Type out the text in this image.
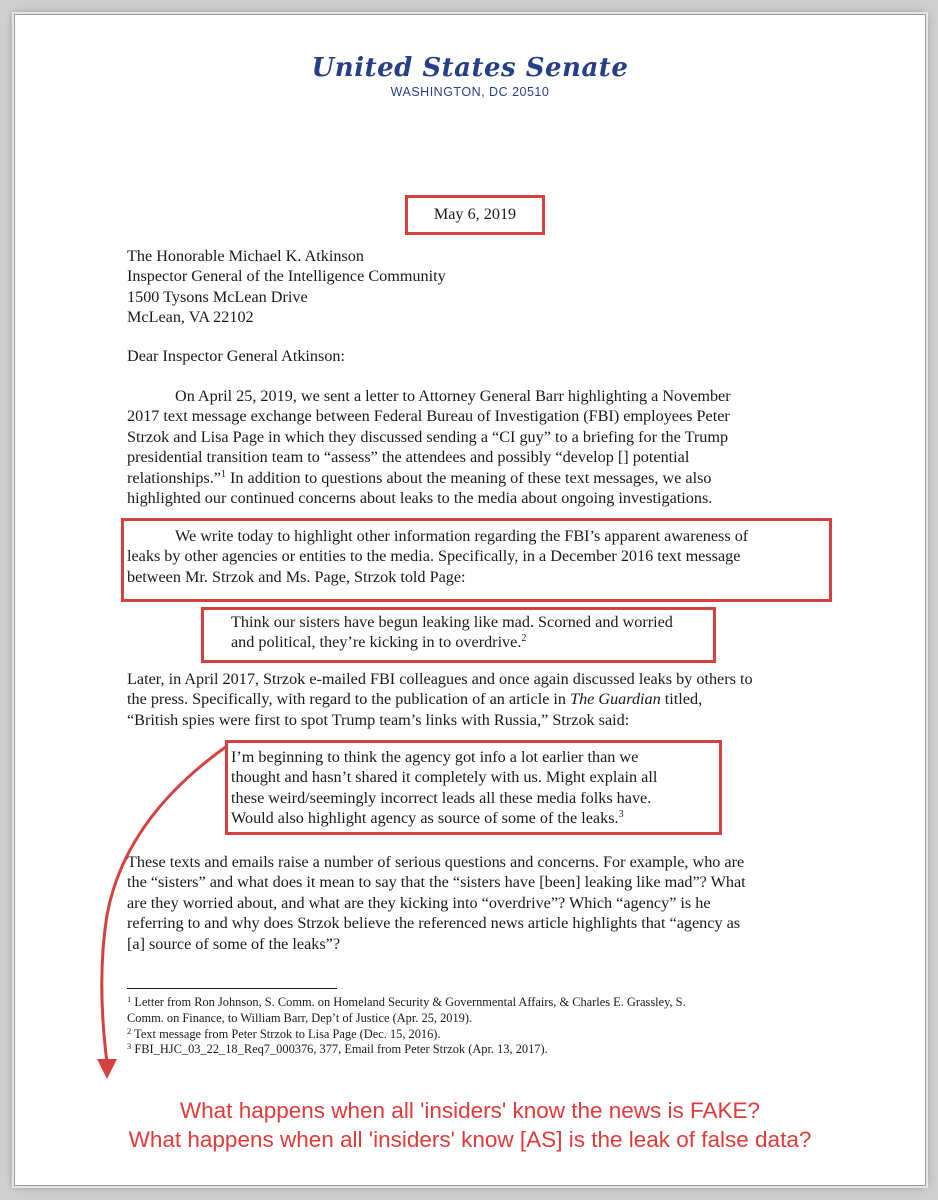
United States Senate
WASHINGTON, DC 20510
May 6, 2019
The Honorable Michael K. Atkinson
Inspector General of the Intelligence Community
1500 Tysons McLean Drive
McLean, VA 22102
Dear Inspector General Atkinson:
On April 25, 2019, we sent a letter to Attorney General Barr highlighting a November
2017 text message exchange between Federal Bureau of Investigation (FBI) employees Peter
Strzok and Lisa Page in which they discussed sending a “CI guy” to a briefing for the Trump
presidential transition team to “assess” the attendees and possibly “develop [] potential
relationships.”$^1$ In addition to questions about the meaning of these text messages, we also
highlighted our continued concerns about leaks to the media about ongoing investigations.
We write today to highlight other information regarding the FBI’s apparent awareness of
leaks by other agencies or entities to the media. Specifically, in a December 2016 text message
between Mr. Strzok and Ms. Page, Strzok told Page:
Think our sisters have begun leaking like mad. Scorned and worried
and political, they’re kicking in to overdrive.$^2$
Later, in April 2017, Strzok e-mailed FBI colleagues and once again discussed leaks by others to
the press. Specifically, with regard to the publication of an article in The Guardian titled,
“British spies were first to spot Trump team’s links with Russia,” Strzok said:
I’m beginning to think the agency got info a lot earlier than we
thought and hasn’t shared it completely with us. Might explain all
these weird/seemingly incorrect leads all these media folks have.
Would also highlight agency as source of some of the leaks.$^3$
These texts and emails raise a number of serious questions and concerns. For example, who are
the “sisters” and what does it mean to say that the “sisters have [been] leaking like mad”? What
are they worried about, and what are they kicking into “overdrive”? Which “agency” is he
referring to and why does Strzok believe the referenced news article highlights that “agency as
[a] source of some of the leaks”?
$^1$ Letter from Ron Johnson, S. Comm. on Homeland Security & Governmental Affairs, & Charles E. Grassley, S.
Comm. on Finance, to William Barr, Dep’t of Justice (Apr. 25, 2019).
$^2$ Text message from Peter Strzok to Lisa Page (Dec. 15, 2016).
$^3$ FBI_HJC_03_22_18_Req7_000376, 377, Email from Peter Strzok (Apr. 13, 2017).
What happens when all 'insiders' know the news is FAKE?
What happens when all 'insiders' know [AS] is the leak of false data?
